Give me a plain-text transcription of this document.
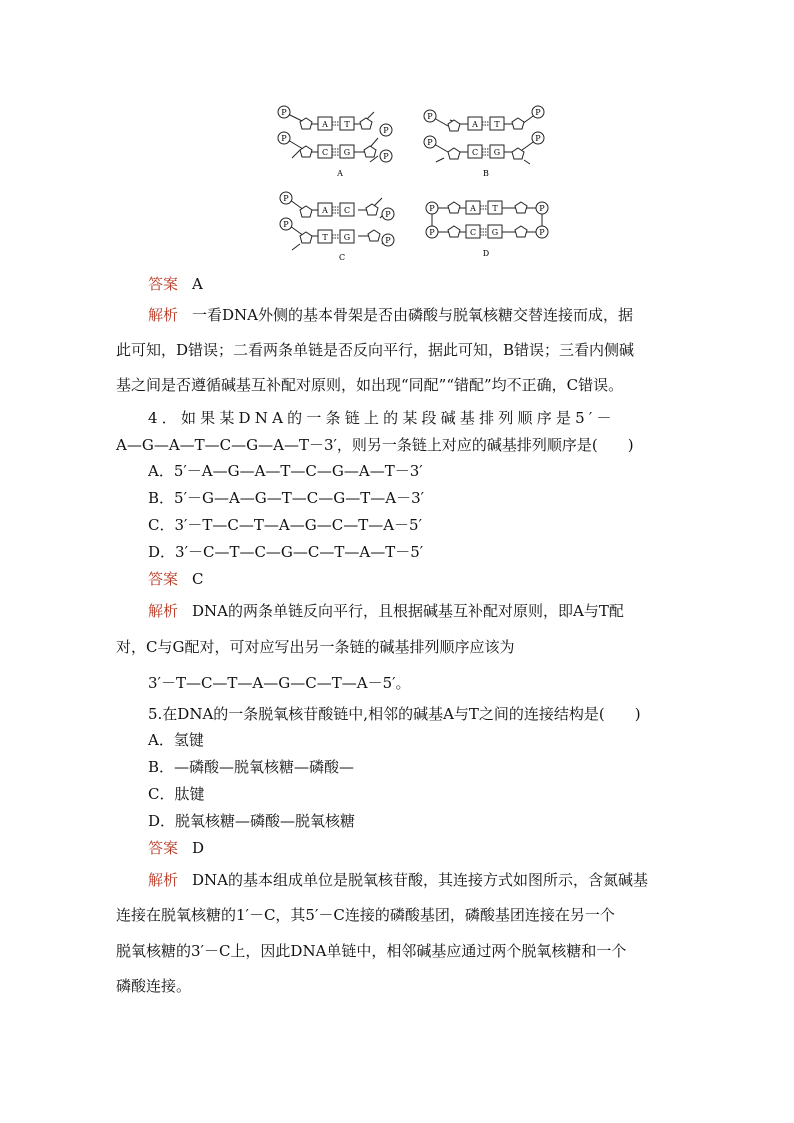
P
P
P
P
A T
C G
A
P
P
P
P
A T
C G
B
P
P
P
P
A C
T G
C
P
P
P
P
A T
C G
D
答案 A
解析 一看DNA外侧的基本骨架是否由磷酸与脱氧核糖交替连接而成，据
此可知，D错误；二看两条单链是否反向平行，据此可知，B错误；三看内侧碱
基之间是否遵循碱基互补配对原则，如出现“同配”“错配”均不正确，C错误。
4．如果某DNA的一条链上的某段碱基排列顺序是5′－
A—G—A—T—C—G—A—T－3′，则另一条链上对应的碱基排列顺序是(　　)
A．5′－A—G—A—T—C—G—A—T－3′
B．5′－G—A—G—T—C—G—T—A－3′
C．3′－T—C—T—A—G—C—T—A－5′
D．3′－C—T—C—G—C—T—A—T－5′
答案 C
解析 DNA的两条单链反向平行，且根据碱基互补配对原则，即A与T配
对，C与G配对，可对应写出另一条链的碱基排列顺序应该为
3′－T—C—T—A—G—C—T—A－5′。
5.在DNA的一条脱氧核苷酸链中,相邻的碱基A与T之间的连接结构是(　　)
A．氢键
B．—磷酸—脱氧核糖—磷酸—
C．肽键
D．脱氧核糖—磷酸—脱氧核糖
答案 D
解析 DNA的基本组成单位是脱氧核苷酸，其连接方式如图所示，含氮碱基
连接在脱氧核糖的1′－C，其5′－C连接的磷酸基团，磷酸基团连接在另一个
脱氧核糖的3′－C上，因此DNA单链中，相邻碱基应通过两个脱氧核糖和一个
磷酸连接。
